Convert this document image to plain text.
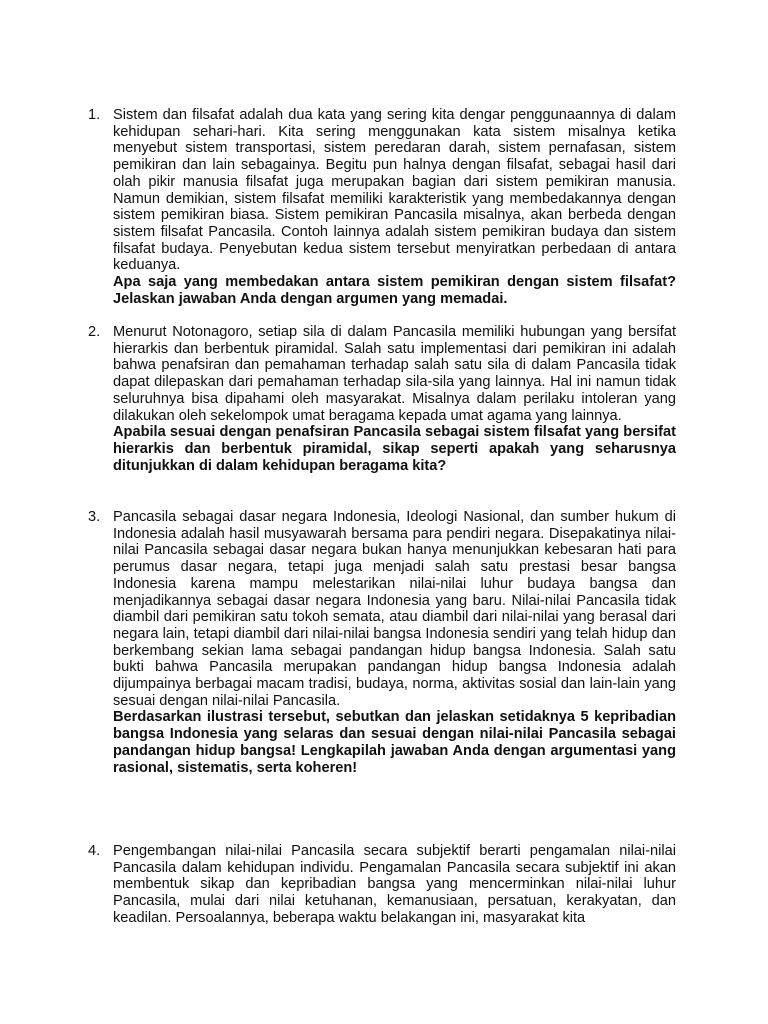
1. Sistem dan filsafat adalah dua kata yang sering kita dengar penggunaannya di dalam kehidupan sehari-hari. Kita sering menggunakan kata sistem misalnya ketika menyebut sistem transportasi, sistem peredaran darah, sistem pernafasan, sistem pemikiran dan lain sebagainya. Begitu pun halnya dengan filsafat, sebagai hasil dari olah pikir manusia filsafat juga merupakan bagian dari sistem pemikiran manusia. Namun demikian, sistem filsafat memiliki karakteristik yang membedakannya dengan sistem pemikiran biasa. Sistem pemikiran Pancasila misalnya, akan berbeda dengan sistem filsafat Pancasila. Contoh lainnya adalah sistem pemikiran budaya dan sistem filsafat budaya. Penyebutan kedua sistem tersebut menyiratkan perbedaan di antara keduanya.

Apa saja yang membedakan antara sistem pemikiran dengan sistem filsafat? Jelaskan jawaban Anda dengan argumen yang memadai.

2. Menurut Notonagoro, setiap sila di dalam Pancasila memiliki hubungan yang bersifat hierarkis dan berbentuk piramidal. Salah satu implementasi dari pemikiran ini adalah bahwa penafsiran dan pemahaman terhadap salah satu sila di dalam Pancasila tidak dapat dilepaskan dari pemahaman terhadap sila-sila yang lainnya. Hal ini namun tidak seluruhnya bisa dipahami oleh masyarakat. Misalnya dalam perilaku intoleran yang dilakukan oleh sekelompok umat beragama kepada umat agama yang lainnya.

Apabila sesuai dengan penafsiran Pancasila sebagai sistem filsafat yang bersifat hierarkis dan berbentuk piramidal, sikap seperti apakah yang seharusnya ditunjukkan di dalam kehidupan beragama kita?

3. Pancasila sebagai dasar negara Indonesia, Ideologi Nasional, dan sumber hukum di Indonesia adalah hasil musyawarah bersama para pendiri negara. Disepakatinya nilai-nilai Pancasila sebagai dasar negara bukan hanya menunjukkan kebesaran hati para perumus dasar negara, tetapi juga menjadi salah satu prestasi besar bangsa Indonesia karena mampu melestarikan nilai-nilai luhur budaya bangsa dan menjadikannya sebagai dasar negara Indonesia yang baru. Nilai-nilai Pancasila tidak diambil dari pemikiran satu tokoh semata, atau diambil dari nilai-nilai yang berasal dari negara lain, tetapi diambil dari nilai-nilai bangsa Indonesia sendiri yang telah hidup dan berkembang sekian lama sebagai pandangan hidup bangsa Indonesia. Salah satu bukti bahwa Pancasila merupakan pandangan hidup bangsa Indonesia adalah dijumpainya berbagai macam tradisi, budaya, norma, aktivitas sosial dan lain-lain yang sesuai dengan nilai-nilai Pancasila.

Berdasarkan ilustrasi tersebut, sebutkan dan jelaskan setidaknya 5 kepribadian bangsa Indonesia yang selaras dan sesuai dengan nilai-nilai Pancasila sebagai pandangan hidup bangsa! Lengkapilah jawaban Anda dengan argumentasi yang rasional, sistematis, serta koheren!

4. Pengembangan nilai-nilai Pancasila secara subjektif berarti pengamalan nilai-nilai Pancasila dalam kehidupan individu. Pengamalan Pancasila secara subjektif ini akan membentuk sikap dan kepribadian bangsa yang mencerminkan nilai-nilai luhur Pancasila, mulai dari nilai ketuhanan, kemanusiaan, persatuan, kerakyatan, dan keadilan. Persoalannya, beberapa waktu belakangan ini, masyarakat kita
